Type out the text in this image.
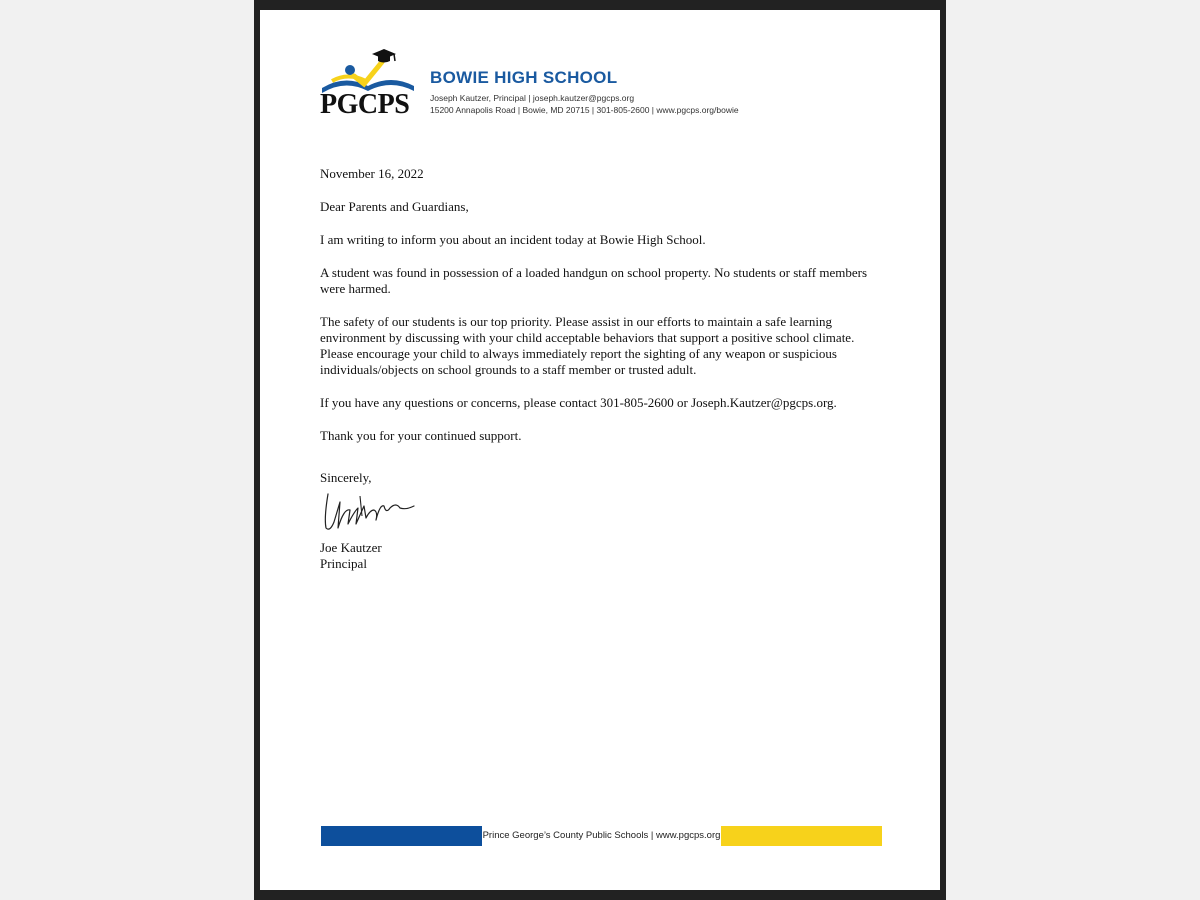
PGCPS
BOWIE HIGH SCHOOL
Joseph Kautzer, Principal | joseph.kautzer@pgcps.org
15200 Annapolis Road | Bowie, MD 20715 | 301-805-2600 | www.pgcps.org/bowie

November 16, 2022

Dear Parents and Guardians,

I am writing to inform you about an incident today at Bowie High School.

A student was found in possession of a loaded handgun on school property. No students or staff members were harmed.

The safety of our students is our top priority. Please assist in our efforts to maintain a safe learning environment by discussing with your child acceptable behaviors that support a positive school climate. Please encourage your child to always immediately report the sighting of any weapon or suspicious individuals/objects on school grounds to a staff member or trusted adult.

If you have any questions or concerns, please contact 301-805-2600 or Joseph.Kautzer@pgcps.org.

Thank you for your continued support.

Sincerely,

Joe Kautzer

Principal

Prince George’s County Public Schools | www.pgcps.org
